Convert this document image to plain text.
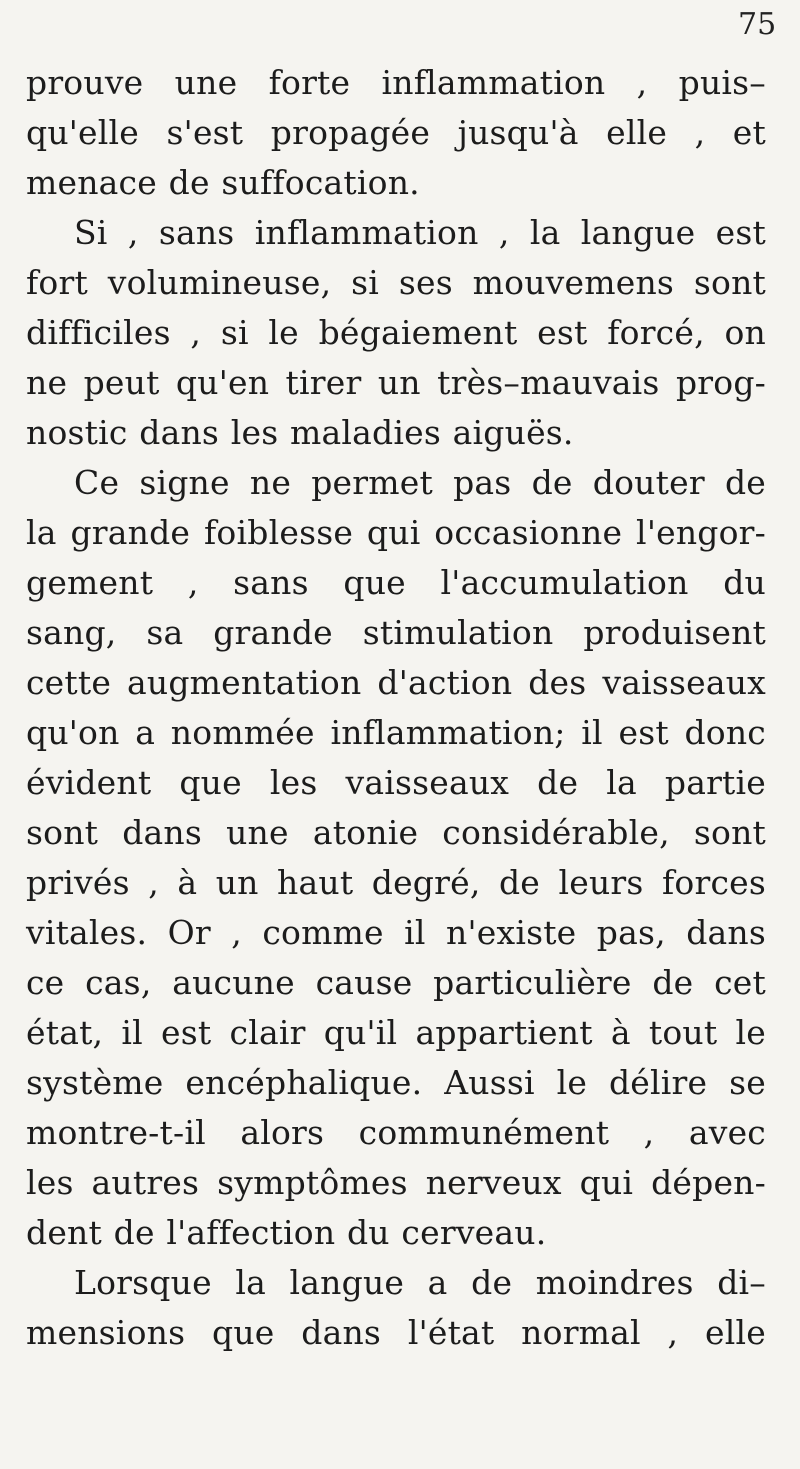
75
prouve une forte inflammation , puis–
qu'elle s'est propagée jusqu'à elle , et
menace de suffocation.
Si , sans inflammation , la langue est
fort volumineuse, si ses mouvemens sont
difficiles , si le bégaiement est forcé, on
ne peut qu'en tirer un très–mauvais prog-
nostic dans les maladies aiguës.
Ce signe ne permet pas de douter de
la grande foiblesse qui occasionne l'engor-
gement , sans que l'accumulation du
sang, sa grande stimulation produisent
cette augmentation d'action des vaisseaux
qu'on a nommée inflammation; il est donc
évident que les vaisseaux de la partie
sont dans une atonie considérable, sont
privés , à un haut degré, de leurs forces
vitales. Or , comme il n'existe pas, dans
ce cas, aucune cause particulière de cet
état, il est clair qu'il appartient à tout le
système encéphalique. Aussi le délire se
montre-t-il alors communément , avec
les autres symptômes nerveux qui dépen-
dent de l'affection du cerveau.
Lorsque la langue a de moindres di–
mensions que dans l'état normal , elle
